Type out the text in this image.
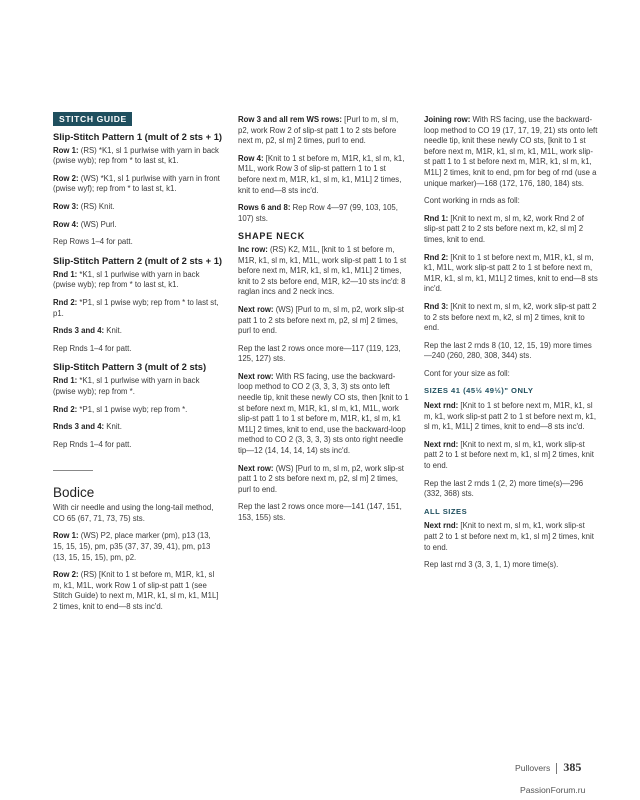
STITCH GUIDE
Slip-Stitch Pattern 1 (mult of 2 sts + 1)

Row 1: (RS) *K1, sl 1 purlwise with yarn in back (pwise wyb); rep from * to last st, k1.

Row 2: (WS) *K1, sl 1 purlwise with yarn in front (pwise wyf); rep from * to last st, k1.

Row 3: (RS) Knit.

Row 4: (WS) Purl.

Rep Rows 1–4 for patt.

Slip-Stitch Pattern 2 (mult of 2 sts + 1)

Rnd 1: *K1, sl 1 purlwise with yarn in back (pwise wyb); rep from * to last st, k1.

Rnd 2: *P1, sl 1 pwise wyb; rep from * to last st, p1.

Rnds 3 and 4: Knit.

Rep Rnds 1–4 for patt.

Slip-Stitch Pattern 3 (mult of 2 sts)

Rnd 1: *K1, sl 1 purlwise with yarn in back (pwise wyb); rep from *.

Rnd 2: *P1, sl 1 pwise wyb; rep from *.

Rnds 3 and 4: Knit.

Rep Rnds 1–4 for patt.

Bodice

With cir needle and using the long-tail method, CO 65 (67, 71, 73, 75) sts.

Row 1: (WS) P2, place marker (pm), p13 (13, 15, 15, 15), pm, p35 (37, 37, 39, 41), pm, p13 (13, 15, 15, 15), pm, p2.

Row 2: (RS) [Knit to 1 st before m, M1R, k1, sl m, k1, M1L, work Row 1 of slip-st patt 1 (see Stitch Guide) to next m, M1R, k1, sl m, k1, M1L] 2 times, knit to end—8 sts inc'd.

Row 3 and all rem WS rows: [Purl to m, sl m, p2, work Row 2 of slip-st patt 1 to 2 sts before next m, p2, sl m] 2 times, purl to end.

Row 4: [Knit to 1 st before m, M1R, k1, sl m, k1, M1L, work Row 3 of slip-st pattern 1 to 1 st before next m, M1R, k1, sl m, k1, M1L] 2 times, knit to end—8 sts inc'd.

Rows 6 and 8: Rep Row 4—97 (99, 103, 105, 107) sts.

SHAPE NECK

Inc row: (RS) K2, M1L, [knit to 1 st before m, M1R, k1, sl m, k1, M1L, work slip-st patt 1 to 1 st before next m, M1R, k1, sl m, k1, M1L] 2 times, knit to 2 sts before end, M1R, k2—10 sts inc'd: 8 raglan incs and 2 neck incs.

Next row: (WS) [Purl to m, sl m, p2, work slip-st patt 1 to 2 sts before next m, p2, sl m] 2 times, purl to end.

Rep the last 2 rows once more—117 (119, 123, 125, 127) sts.

Next row: With RS facing, use the backward-loop method to CO 2 (3, 3, 3, 3) sts onto left needle tip, knit these newly CO sts, then [knit to 1 st before next m, M1R, k1, sl m, k1, M1L, work slip-st patt 1 to 1 st before m, M1R, k1, sl m, k1 M1L] 2 times, knit to end, use the backward-loop method to CO 2 (3, 3, 3, 3) sts onto right needle tip—12 (14, 14, 14, 14) sts inc'd.

Next row: (WS) [Purl to m, sl m, p2, work slip-st patt 1 to 2 sts before next m, p2, sl m] 2 times, purl to end.

Rep the last 2 rows once more—141 (147, 151, 153, 155) sts.

Joining row: With RS facing, use the backward-loop method to CO 19 (17, 17, 19, 21) sts onto left needle tip, knit these newly CO sts, [knit to 1 st before next m, M1R, k1, sl m, k1, M1L, work slip-st patt 1 to 1 st before next m, M1R, k1, sl m, k1, M1L] 2 times, knit to end, pm for beg of rnd (use a unique marker)—168 (172, 176, 180, 184) sts.

Cont working in rnds as foll:

Rnd 1: [Knit to next m, sl m, k2, work Rnd 2 of slip-st patt 2 to 2 sts before next m, k2, sl m] 2 times, knit to end.

Rnd 2: [Knit to 1 st before next m, M1R, k1, sl m, k1, M1L, work slip-st patt 2 to 1 st before next m, M1R, k1, sl m, k1, M1L] 2 times, knit to end—8 sts inc'd.

Rnd 3: [Knit to next m, sl m, k2, work slip-st patt 2 to 2 sts before next m, k2, sl m] 2 times, knit to end.

Rep the last 2 rnds 8 (10, 12, 15, 19) more times—240 (260, 280, 308, 344) sts.

Cont for your size as foll:

SIZES 41 (45½ 49½)" ONLY

Next rnd: [Knit to 1 st before next m, M1R, k1, sl m, k1, work slip-st patt 2 to 1 st before next m, k1, sl m, k1, M1L] 2 times, knit to end—8 sts inc'd.

Next rnd: [Knit to next m, sl m, k1, work slip-st patt 2 to 1 st before next m, k1, sl m] 2 times, knit to end.

Rep the last 2 rnds 1 (2, 2) more time(s)—296 (332, 368) sts.

ALL SIZES

Next rnd: [Knit to next m, sl m, k1, work slip-st patt 2 to 1 st before next m, k1, sl m] 2 times, knit to end.

Rep last rnd 3 (3, 3, 1, 1) more time(s).

Pullovers 385
PassionForum.ru
